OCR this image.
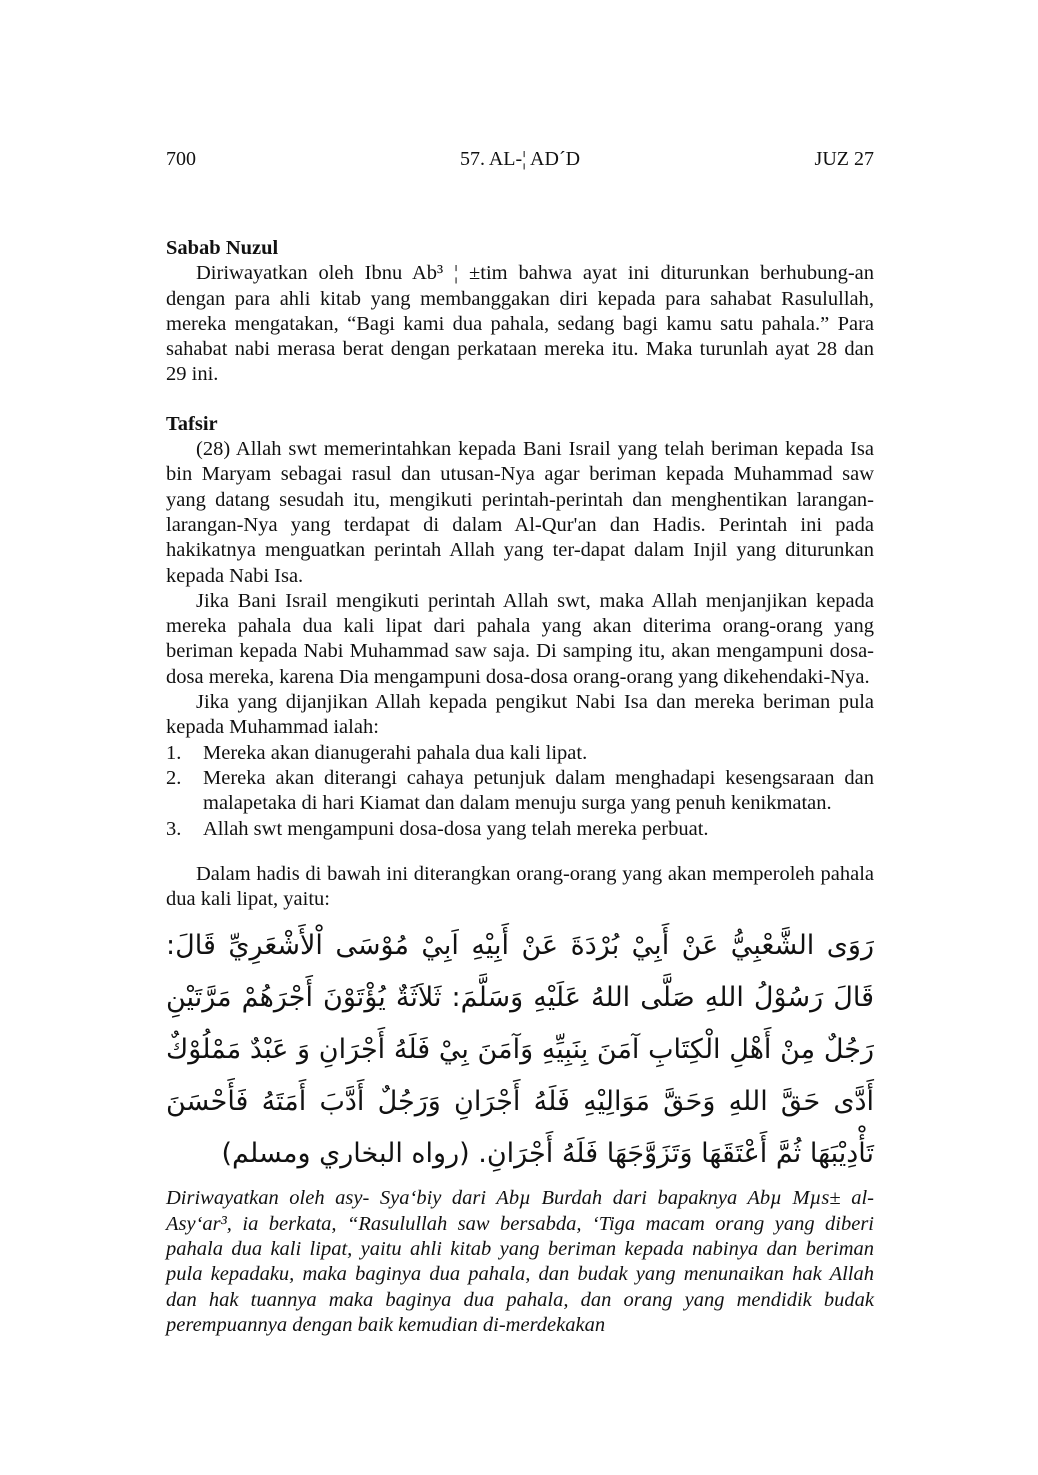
700	57. AL-¦ AD´D	JUZ 27

Sabab Nuzul

Diriwayatkan oleh Ibnu Ab³ ¦ ±tim bahwa ayat ini diturunkan berhubung-an dengan para ahli kitab yang membanggakan diri kepada para sahabat Rasulullah, mereka mengatakan, “Bagi kami dua pahala, sedang bagi kamu satu pahala.” Para sahabat nabi merasa berat dengan perkataan mereka itu. Maka turunlah ayat 28 dan 29 ini.

Tafsir

(28) Allah swt memerintahkan kepada Bani Israil yang telah beriman kepada Isa bin Maryam sebagai rasul dan utusan-Nya agar beriman kepada Muhammad saw yang datang sesudah itu, mengikuti perintah-perintah dan menghentikan larangan-larangan-Nya yang terdapat di dalam Al-Qur'an dan Hadis. Perintah ini pada hakikatnya menguatkan perintah Allah yang ter-dapat dalam Injil yang diturunkan kepada Nabi Isa.

Jika Bani Israil mengikuti perintah Allah swt, maka Allah menjanjikan kepada mereka pahala dua kali lipat dari pahala yang akan diterima orang-orang yang beriman kepada Nabi Muhammad saw saja. Di samping itu, akan mengampuni dosa-dosa mereka, karena Dia mengampuni dosa-dosa orang-orang yang dikehendaki-Nya.

Jika yang dijanjikan Allah kepada pengikut Nabi Isa dan mereka beriman pula kepada Muhammad ialah:

1. Mereka akan dianugerahi pahala dua kali lipat.
2. Mereka akan diterangi cahaya petunjuk dalam menghadapi kesengsaraan dan malapetaka di hari Kiamat dan dalam menuju surga yang penuh kenikmatan.
3. Allah swt mengampuni dosa-dosa yang telah mereka perbuat.

Dalam hadis di bawah ini diterangkan orang-orang yang akan memperoleh pahala dua kali lipat, yaitu:

رَوَى الشَّعْبِيُّ عَنْ أَبِيْ بُرْدَةَ عَنْ أَبِيْهِ اَبِيْ مُوْسَى اْلأَشْعَرِيِّ قَالَ: قَالَ رَسُوْلُ اللهِ صَلَّى اللهُ عَلَيْهِ وَسَلَّمَ: ثَلاَثَةٌ يُؤْتَوْنَ أَجْرَهُمْ مَرَّتَيْنِ رَجُلٌ مِنْ أَهْلِ الْكِتَابِ آمَنَ بِنَبِيِّهِ وَآمَنَ بِيْ فَلَهُ أَجْرَانِ وَ عَبْدٌ مَمْلُوْكٌ أَدَّى حَقَّ اللهِ وَحَقَّ مَوَالِيْهِ فَلَهُ أَجْرَانِ وَرَجُلٌ أَدَّبَ أَمَتَهُ فَأَحْسَنَ تَأْدِيْبَهَا ثُمَّ أَعْتَقَهَا وَتَزَوَّجَهَا فَلَهُ أَجْرَانِ. (رواه البخاري ومسلم)

Diriwayatkan oleh asy- Sya‘biy dari Abµ Burdah dari bapaknya Abµ Mµs± al-Asy‘ar³, ia berkata, “Rasulullah saw bersabda, ‘Tiga macam orang yang diberi pahala dua kali lipat, yaitu ahli kitab yang beriman kepada nabinya dan beriman pula kepadaku, maka baginya dua pahala, dan budak yang menunaikan hak Allah dan hak tuannya maka baginya dua pahala, dan orang yang mendidik budak perempuannya dengan baik kemudian di-merdekakan
